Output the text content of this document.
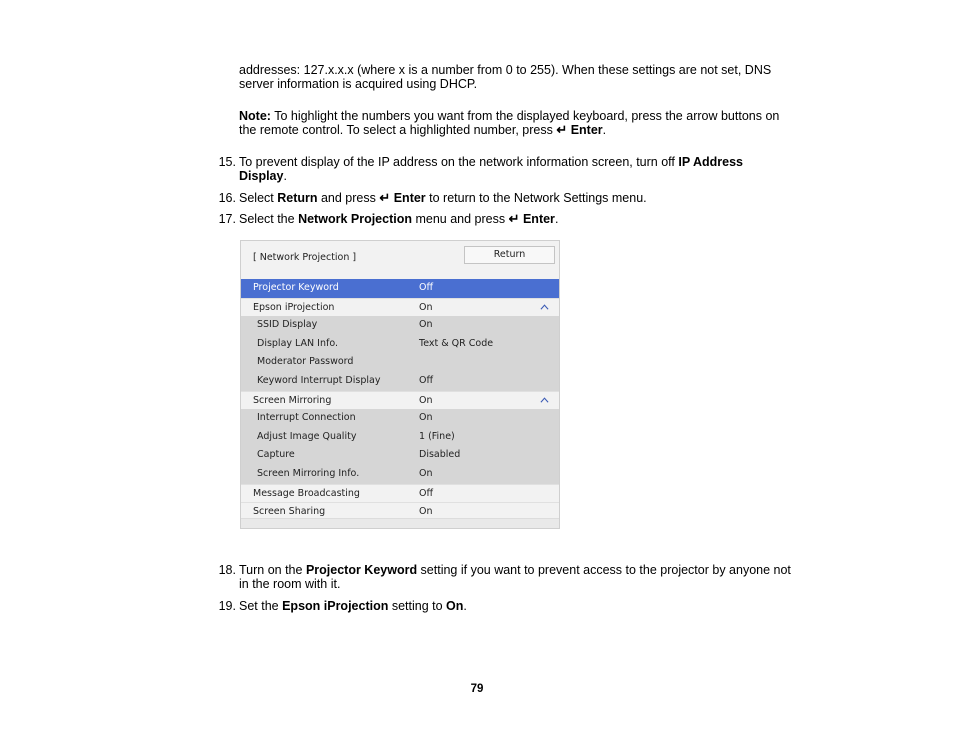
addresses: 127.x.x.x (where x is a number from 0 to 255). When these settings are not set, DNS
server information is acquired using DHCP.
Note: To highlight the numbers you want from the displayed keyboard, press the arrow buttons on
the remote control. To select a highlighted number, press ↵ Enter.
15. To prevent display of the IP address on the network information screen, turn off IP Address
Display.
16. Select Return and press ↵ Enter to return to the Network Settings menu.
17. Select the Network Projection menu and press ↵ Enter.
[ Network Projection ]	Return
Projector Keyword	Off
Epson iProjection	On
SSID Display	On
Display LAN Info.	Text & QR Code
Moderator Password
Keyword Interrupt Display	Off
Screen Mirroring	On
Interrupt Connection	On
Adjust Image Quality	1 (Fine)
Capture	Disabled
Screen Mirroring Info.	On
Message Broadcasting	Off
Screen Sharing	On
18. Turn on the Projector Keyword setting if you want to prevent access to the projector by anyone not
in the room with it.
19. Set the Epson iProjection setting to On.
79
